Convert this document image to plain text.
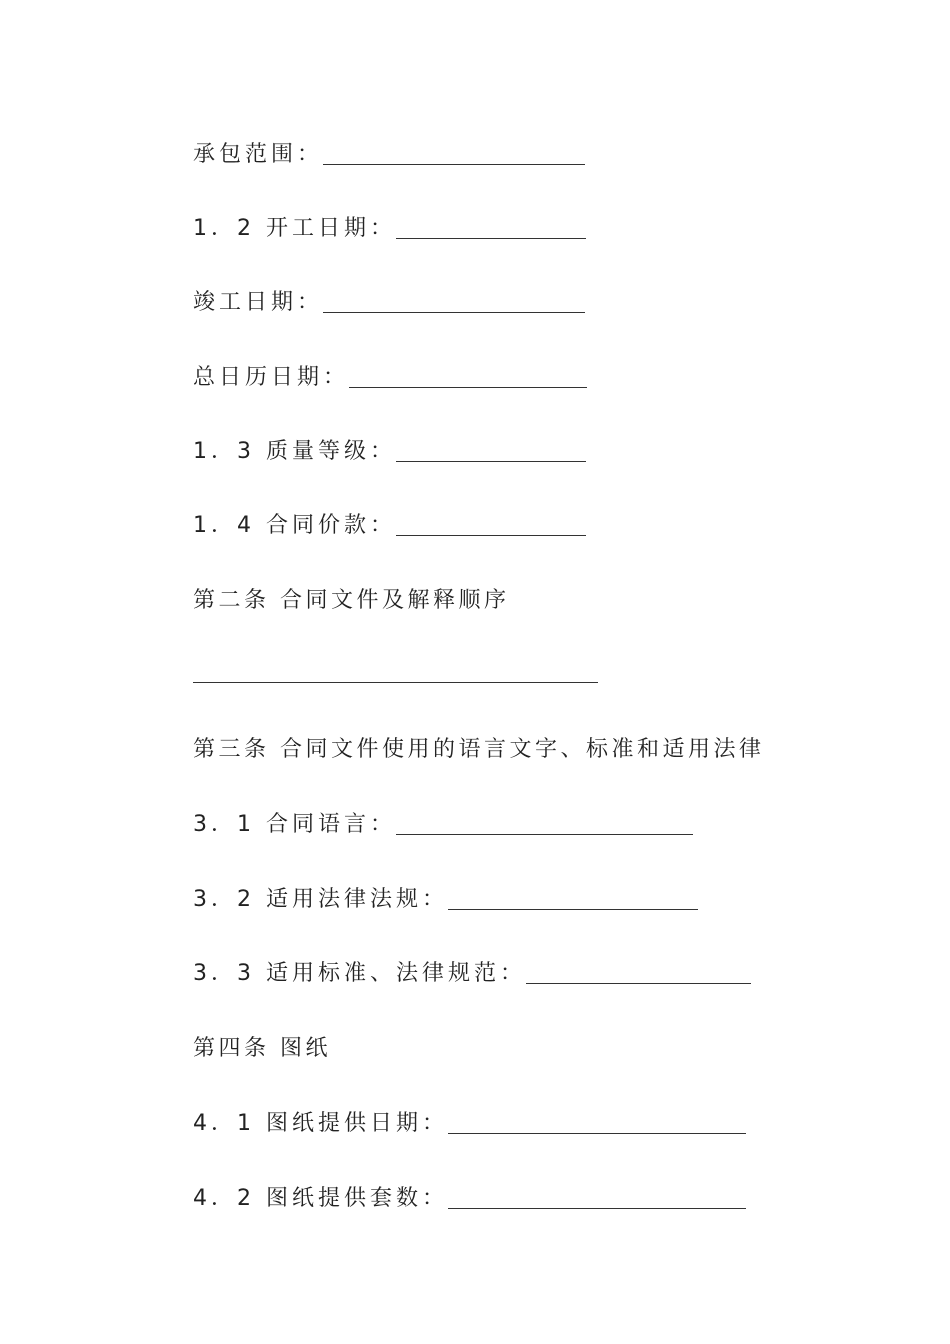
承包范围：
1．2 开工日期：
竣工日期：
总日历日期：
1．3 质量等级：
1．4 合同价款：
第二条 合同文件及解释顺序
第三条 合同文件使用的语言文字、标准和适用法律
3．1 合同语言：
3．2 适用法律法规：
3．3 适用标准、法律规范：
第四条 图纸
4．1 图纸提供日期：
4．2 图纸提供套数：
